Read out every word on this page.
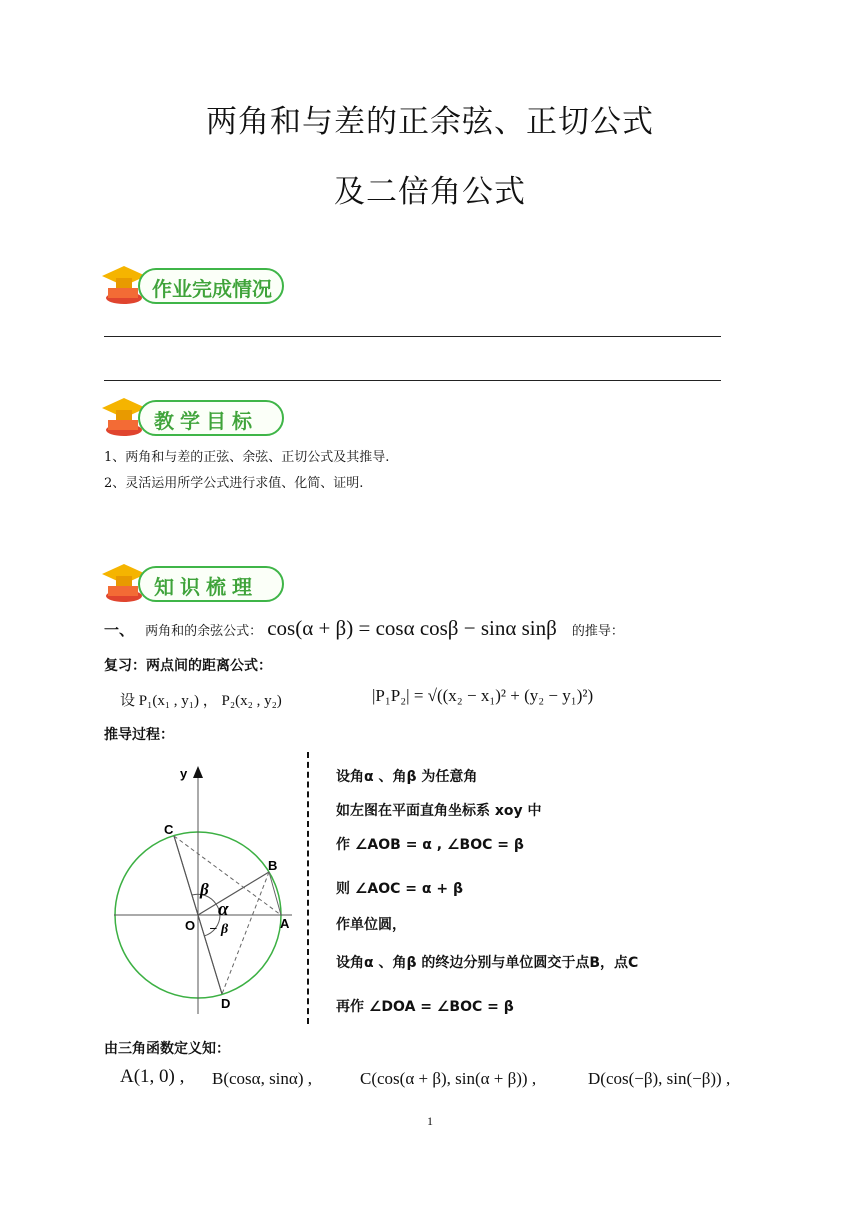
两角和与差的正余弦、正切公式
及二倍角公式
作业完成情况
教学目标
1、两角和与差的正弦、余弦、正切公式及其推导.
2、灵活运用所学公式进行求值、化简、证明.
知识梳理
一、 两角和的余弦公式： cos(α + β) = cosα cosβ − sinα sinβ 的推导：
复习：两点间的距离公式：
设 P₁(x₁ , y₁) ， P₂(x₂ , y₂)	|P₁P₂| = √((x₂ − x₁)² + (y₂ − y₁)²)
推导过程：
y
C
B
O	A
D
β
α
− β
设角α 、角β 为任意角
如左图在平面直角坐标系 xoy 中
作 ∠AOB = α , ∠BOC = β
则 ∠AOC = α + β
作单位圆，
设角α 、角β 的终边分别与单位圆交于点B，点C
再作 ∠DOA = ∠BOC = β
由三角函数定义知：
A(1, 0) , B(cosα, sinα) ,	C(cos(α + β), sin(α + β)) ,	D(cos(−β), sin(−β)) ,
1
